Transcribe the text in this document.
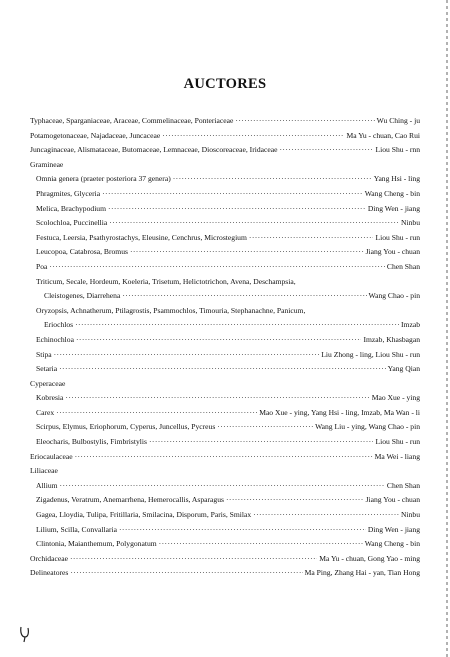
AUCTORES
Typhaceae, Sparganiaceae, Araceae, Commelinaceae, Ponteriaceae ·····	Wu Ching - ju
Potamogetonaceae, Najadaceae, Juncaceae ·····	Ma Yu - chuan, Cao Rui
Juncaginaceae, Alismataceae, Butomaceae, Lemnaceae, Dioscoreaceae, Iridaceae ·····	Liou Shu - rnn
Gramineae
Omnia genera (praeter posteriora 37 genera) ·····	Yang Hsi - ling
Phragmites, Glyceria ·····	Wang Cheng - bin
Melica, Brachypodium ·····	Ding Wen - jiang
Scolochloa, Puccinellia ·····	Ninbu
Festuca, Leersia, Psathyrostachys, Eleusine, Cenchrus, Microstegium ·····	Liou Shu - run
Leucopoa, Catabrosa, Bromus ·····	Jiang You - chuan
Poa ·····	Chen Shan
Triticum, Secale, Hordeum, Koeleria, Trisetum, Helictotrichon, Avena, Deschampsia,
Cleistogenes, Diarrehena ·····	Wang Chao - pin
Oryzopsis, Achnatherum, Ptilagrostis, Psammochlos, Timouria, Stephanachne, Panicum,
Eriochlos ·····	Imzab
Echinochloa ·····	Imzab, Khasbagan
Stipa ·····	Liu Zhong - ling, Liou Shu - run
Setaria ·····	Yang Qian
Cyperaceae
Kobresia ·····	Mao Xue - ying
Carex ·····	Mao Xue - ying, Yang Hsi - ling, Imzab, Ma Wan - li
Scirpus, Elymus, Eriophorum, Cyperus, Juncellus, Pycreus ·····	Wang Liu - ying, Wang Chao - pin
Eleocharis, Bulbostylis, Fimbristylis ·····	Liou Shu - run
Eriocaulaceae ·····	Ma Wei - liang
Liliaceae
Allium ·····	Chen Shan
Zigadenus, Veratrum, Anemarrhena, Hemerocallis, Asparagus ·····	Jiang You - chuan
Gagea, Lloydia, Tulipa, Fritillaria, Smilacina, Disporum, Paris, Smilax ·····	Ninbu
Lilium, Scilla, Convallaria ·····	Ding Wen - jiang
Clintonia, Maianthemum, Polygonatum ·····	Wang Cheng - bin
Orchidaceae ·····	Ma Yu - chuan, Gong Yao - ming
Delineatores ·····	Ma Ping, Zhang Hai - yan, Tian Hong
